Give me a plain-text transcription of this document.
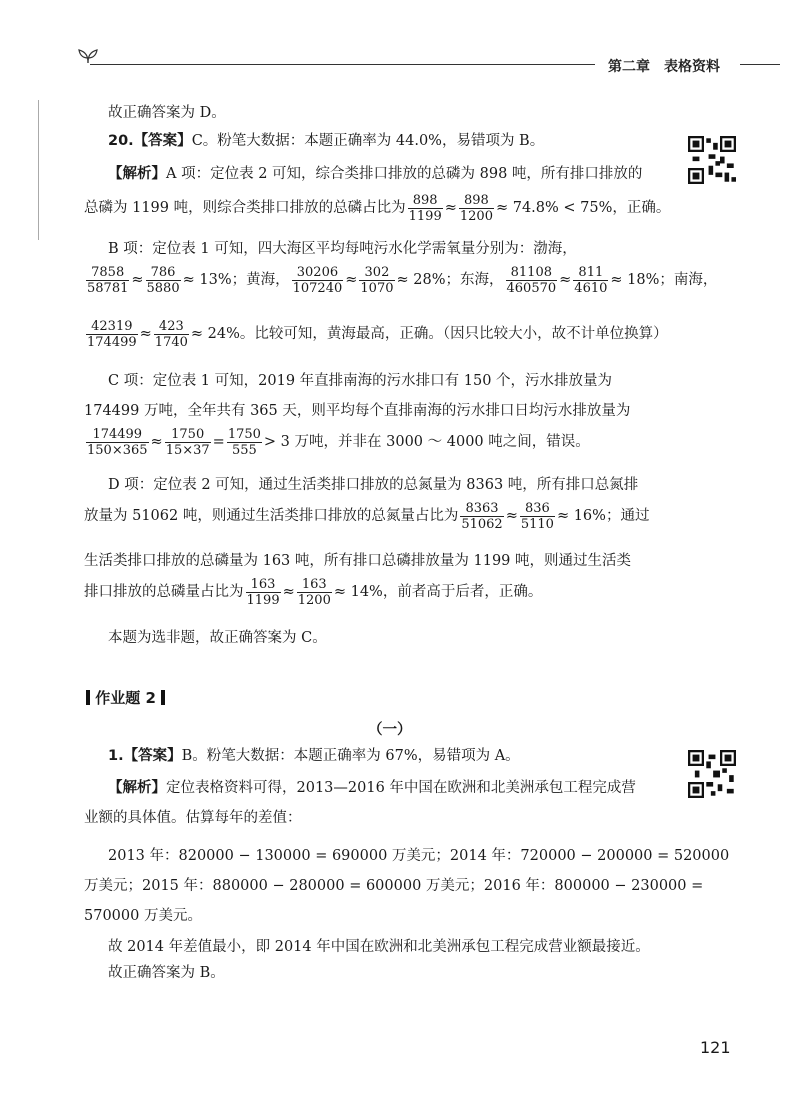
第二章　表格资料
故正确答案为 D。
20.【答案】C。粉笔大数据：本题正确率为 44.0%，易错项为 B。
【解析】A 项：定位表 2 可知，综合类排口排放的总磷为 898 吨，所有排口排放的
总磷为 1199 吨，则综合类排口排放的总磷占比为 $\frac{898}{1199} \approx \frac{898}{1200} \approx 74.8\% < 75\%$，正确。
B 项：定位表 1 可知，四大海区平均每吨污水化学需氧量分别为：渤海，
$\frac{7858}{58781} \approx \frac{786}{5880} \approx 13\%$；黄海， $\frac{30206}{107240} \approx \frac{302}{1070} \approx 28\%$；东海， $\frac{81108}{460570} \approx \frac{811}{4610} \approx 18\%$；南海，
$\frac{42319}{174499} \approx \frac{423}{1740} \approx 24\%$。比较可知，黄海最高，正确。（因只比较大小，故不计单位换算）
C 项：定位表 1 可知，2019 年直排南海的污水排口有 150 个，污水排放量为
174499 万吨，全年共有 365 天，则平均每个直排南海的污水排口日均污水排放量为
$\frac{174499}{150\times 365} \approx \frac{1750}{15\times 37} = \frac{1750}{555} > 3$ 万吨，并非在 3000 ～ 4000 吨之间，错误。
D 项：定位表 2 可知，通过生活类排口排放的总氮量为 8363 吨，所有排口总氮排
放量为 51062 吨，则通过生活类排口排放的总氮量占比为 $\frac{8363}{51062} \approx \frac{836}{5110} \approx 16\%$；通过
生活类排口排放的总磷量为 163 吨，所有排口总磷排放量为 1199 吨，则通过生活类
排口排放的总磷量占比为 $\frac{163}{1199} \approx \frac{163}{1200} \approx 14\%$，前者高于后者，正确。
本题为选非题，故正确答案为 C。
作业题 2
（一）
1.【答案】B。粉笔大数据：本题正确率为 67%，易错项为 A。
【解析】定位表格资料可得，2013—2016 年中国在欧洲和北美洲承包工程完成营
业额的具体值。估算每年的差值：
2013 年：820000 − 130000 = 690000 万美元；2014 年：720000 − 200000 = 520000
万美元；2015 年：880000 − 280000 = 600000 万美元；2016 年：800000 − 230000 =
570000 万美元。
故 2014 年差值最小，即 2014 年中国在欧洲和北美洲承包工程完成营业额最接近。
故正确答案为 B。
121
